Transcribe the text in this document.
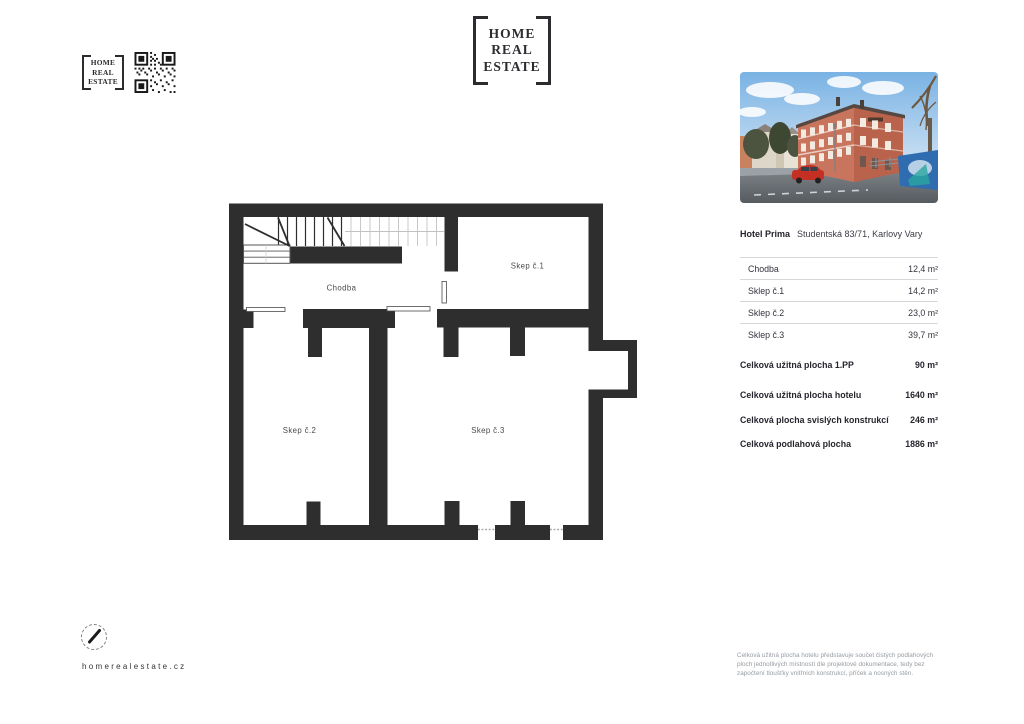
HOME
REAL
ESTATE
HOME
REAL
ESTATE
Hotel Prima Studentská 83/71, Karlovy Vary
Chodba	12,4 m²
Sklep č.1	14,2 m²
Sklep č.2	23,0 m²
Sklep č.3	39,7 m²
Celková užitná plocha 1.PP	90 m²
Celková užitná plocha hotelu	1640 m²
Celková plocha svislých konstrukcí 246 m²
Celková podlahová plocha	1886 m²
Chodba
Skep č.1
Skep č.2	Skep č.3
homerealestate.cz
Celková užitná plocha hotelu představuje součet čistých podlahových ploch jednotlivých místností dle projektové dokumentace, tedy bez započtení tloušťky vnitřních konstrukcí, příček a nosných stěn.
